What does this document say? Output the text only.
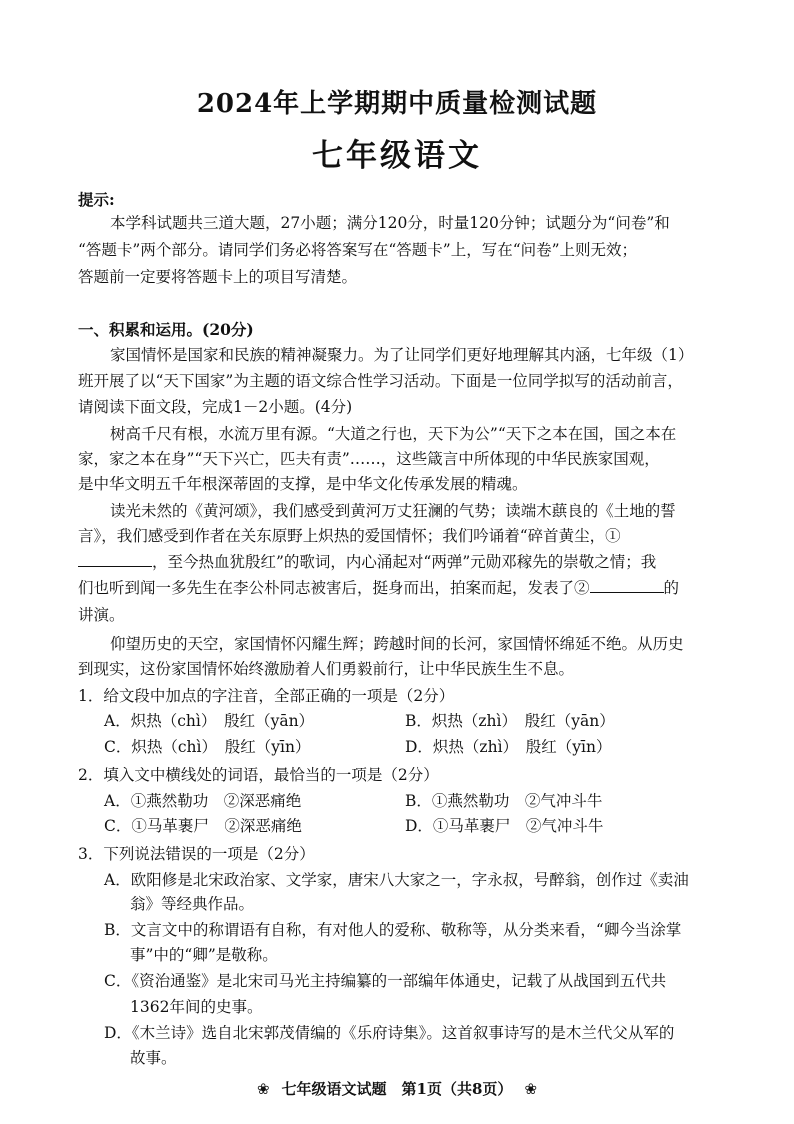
2024年上学期期中质量检测试题
七年级语文
提示:
本学科试题共三道大题，27小题；满分120分，时量120分钟；试题分为“问卷”和
“答题卡”两个部分。请同学们务必将答案写在“答题卡”上，写在“问卷”上则无效；
答题前一定要将答题卡上的项目写清楚。
一、积累和运用。(20分)
家国情怀是国家和民族的精神凝聚力。为了让同学们更好地理解其内涵，七年级（1）
班开展了以“天下国家”为主题的语文综合性学习活动。下面是一位同学拟写的活动前言，
请阅读下面文段，完成1－2小题。(4分)
树高千尺有根，水流万里有源。“大道之行也，天下为公”“天下之本在国，国之本在
家，家之本在身”“天下兴亡，匹夫有责”……，这些箴言中所体现的中华民族家国观，
是中华文明五千年根深蒂固的支撑，是中华文化传承发展的精魂。
读光未然的《黄河颂》，我们感受到黄河万丈狂澜的气势；读端木蕻良的《土地的誓
言》，我们感受到作者在关东原野上炽热的爱国情怀；我们吟诵着“碎首黄尘，①
，至今热血犹殷红”的歌词，内心涌起对“两弹”元勋邓稼先的崇敬之情；我
们也听到闻一多先生在李公朴同志被害后，挺身而出，拍案而起，发表了②	的
讲演。
仰望历史的天空，家国情怀闪耀生辉；跨越时间的长河，家国情怀绵延不绝。从历史
到现实，这份家国情怀始终激励着人们勇毅前行，让中华民族生生不息。
1．给文段中加点的字注音，全部正确的一项是（2分）
A．炽热（chì）　殷红（yān）	B．炽热（zhì）　殷红（yān）
C．炽热（chì）　殷红（yīn）	D．炽热（zhì）　殷红（yīn）
2．填入文中横线处的词语，最恰当的一项是（2分）
A．①燕然勒功　②深恶痛绝	B．①燕然勒功　②气冲斗牛
C．①马革裹尸　②深恶痛绝	D．①马革裹尸　②气冲斗牛
3．下列说法错误的一项是（2分）
A．欧阳修是北宋政治家、文学家，唐宋八大家之一，字永叔，号醉翁，创作过《卖油
翁》等经典作品。
B．文言文中的称谓语有自称，有对他人的爱称、敬称等，从分类来看，“卿今当涂掌
事”中的“卿”是敬称。
C．《资治通鉴》是北宋司马光主持编纂的一部编年体通史，记载了从战国到五代共
1362年间的史事。
D．《木兰诗》选自北宋郭茂倩编的《乐府诗集》。这首叙事诗写的是木兰代父从军的
故事。
❀ 七年级语文试题　第1页（共8页） ❀
